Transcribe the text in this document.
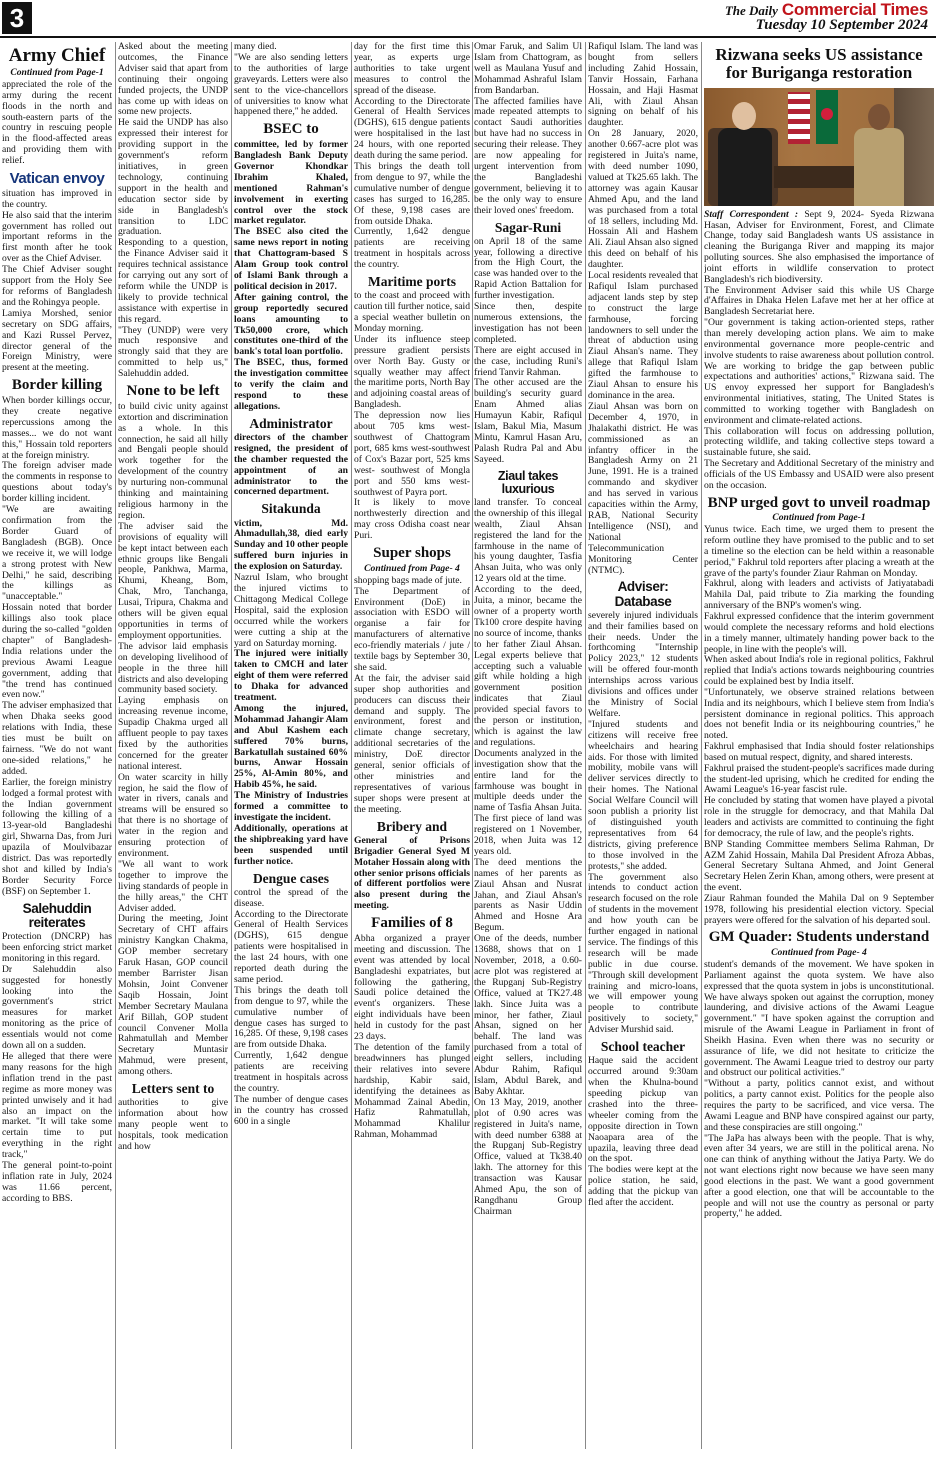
3	The Daily Commercial Times
Tuesday 10 September 2024
Army Chief
Continued from Page-1

appreciated the role of the army during the recent floods in the north and south-eastern parts of the country in rescuing people in the flood-affected areas and providing them with relief.

Vatican envoy

situation has improved in the country.

He also said that the interim government has rolled out important reforms in the first month after he took over as the Chief Adviser.

The Chief Adviser sought support from the Holy See for reforms of Bangladesh and the Rohingya people.

Lamiya Morshed, senior secretary on SDG affairs, and Kazi Russel Pervez, director general of the Foreign Ministry, were present at the meeting.

Border killing

When border killings occur, they create negative repercussions among the masses... we do not want this," Hossain told reporters at the foreign ministry.

The foreign adviser made the comments in response to questions about today's border killing incident.

"We are awaiting confirmation from the Border Guard of Bangladesh (BGB). Once we receive it, we will lodge a strong protest with New Delhi," he said, describing the killings as "unacceptable."

Hossain noted that border killings also took place during the so-called "golden chapter" of Bangladesh-India relations under the previous Awami League government, adding that "the trend has continued even now."

The adviser emphasized that when Dhaka seeks good relations with India, these ties must be built on fairness. "We do not want one-sided relations," he added.

Earlier, the foreign ministry lodged a formal protest with the Indian government following the killing of a 13-year-old Bangladeshi girl, Shwarna Das, from Juri upazila of Moulvibazar district. Das was reportedly shot and killed by India's Border Security Force (BSF) on September 1.

Salehuddin reiterates

Protection (DNCRP) has been enforcing strict market monitoring in this regard.

Dr Salehuddin also suggested for honestly looking into the government's strict measures for market monitoring as the price of essentials would not come down all on a sudden.

He alleged that there were many reasons for the high inflation trend in the past regime as more money was printed unwisely and it had also an impact on the market. "It will take some certain time to put everything in the right track,"

The general point-to-point inflation rate in July, 2024 was 11.66 percent, according to BBS.

Asked about the meeting outcomes, the Finance Adviser said that apart from continuing their ongoing funded projects, the UNDP has come up with ideas on some new projects.

He said the UNDP has also expressed their interest for providing support in the government's reform initiatives, in green technology, continuing support in the health and education sector side by side in Bangladesh's transition to LDC graduation.

Responding to a question, the Finance Adviser said it requires technical assistance for carrying out any sort of reform while the UNDP is likely to provide technical assistance with expertise in this regard.

"They (UNDP) were very much responsive and strongly said that they are committed to help us," Salehuddin added.

None to be left

to build civic unity against extortion and discrimination as a whole. In this connection, he said all hilly and Bengali people should work together for the development of the country by nurturing non-communal thinking and maintaining religious harmony in the region.

The adviser said the provisions of equality will be kept intact between each ethnic groups like Bengali people, Pankhwa, Marma, Khumi, Kheang, Bom, Chak, Mro, Tanchanga, Lusai, Tripura, Chakma and others will be given equal opportunities in terms of employment opportunities.

The advisor laid emphasis on developing livelihood of people in the three hill districts and also developing community based society.

Laying emphasis on increasing revenue income, Supadip Chakma urged all affluent people to pay taxes fixed by the authorities concerned for the greater national interest.

On water scarcity in hilly region, he said the flow of water in rivers, canals and streams will be ensured so that there is no shortage of water in the region and ensuring protection of environment.

"We all want to work together to improve the living standards of people in the hilly areas," the CHT Adviser added.

During the meeting, Joint Secretary of CHT affairs ministry Kangkan Chakma, GOP member secretary Faruk Hasan, GOP council member Barrister Jisan Mohsin, Joint Convener Saqib Hossain, Joint Member Secretary Maulana Arif Billah, GOP student council Convener Molla Rahmatullah and Member Secretary Muntasir Mahmud, were present, among others.

Letters sent to

authorities to give information about how many people went to hospitals, took medication and how

many died.

"We are also sending letters to the authorities of large graveyards. Letters were also sent to the vice-chancellors of universities to know what happened there," he added.

BSEC to

committee, led by former Bangladesh Bank Deputy Governor Khondkar Ibrahim Khaled, mentioned Rahman's involvement in exerting control over the stock market regulator.

The BSEC also cited the same news report in noting that Chattogram-based S Alam Group took control of Islami Bank through a political decision in 2017.

After gaining control, the group reportedly secured loans amounting to Tk50,000 crore, which constitutes one-third of the bank's total loan portfolio.

The BSEC, thus, formed the investigation committee to verify the claim and respond to these allegations.

Administrator

directors of the chamber resigned, the president of the chamber requested the appointment of an administrator to the concerned department.

Sitakunda

victim, Md. Ahmadullah,38, died early Sunday and 10 other people suffered burn injuries in the explosion on Saturday.

Nazrul Islam, who brought the injured victims to Chittagong Medical College Hospital, said the explosion occurred while the workers were cutting a ship at the yard on Saturday morning.

The injured were initially taken to CMCH and later eight of them were referred to Dhaka for advanced treatment.

Among the injured, Mohammad Jahangir Alam and Abul Kashem each suffered 70% burns, Barkatullah sustained 60% burns, Anwar Hossain 25%, Al-Amin 80%, and Habib 45%, he said.

The Ministry of Industries formed a committee to investigate the incident.

Additionally, operations at the shipbreaking yard have been suspended until further notice.

Dengue cases

control the spread of the disease.

According to the Directorate General of Health Services (DGHS), 615 dengue patients were hospitalised in the last 24 hours, with one reported death during the same period.

This brings the death toll from dengue to 97, while the cumulative number of dengue cases has surged to 16,285. Of these, 9,198 cases are from outside Dhaka.

Currently, 1,642 dengue patients are receiving treatment in hospitals across the country.

The number of dengue cases in the country has crossed 600 in a single

day for the first time this year, as experts urge authorities to take urgent measures to control the spread of the disease.

According to the Directorate General of Health Services (DGHS), 615 dengue patients were hospitalised in the last 24 hours, with one reported death during the same period.

This brings the death toll from dengue to 97, while the cumulative number of dengue cases has surged to 16,285. Of these, 9,198 cases are from outside Dhaka.

Currently, 1,642 dengue patients are receiving treatment in hospitals across the country.

Maritime ports

to the coast and proceed with caution till further notice, said a special weather bulletin on Monday morning.

Under its influence steep pressure gradient persists over North Bay. Gusty or squally weather may affect the maritime ports, North Bay and adjoining coastal areas of Bangladesh.

The depression now lies about 705 kms west-southwest of Chattogram port, 685 kms west-southwest of Cox's Bazar port, 525 kms west- southwest of Mongla port and 550 kms west-southwest of Payra port.

It is likely to move northwesterly direction and may cross Odisha coast near Puri.

Super shops
Continued from Page- 4

shopping bags made of jute.

The Department of Environment (DoE) in association with ESDO will organise a fair for manufacturers of alternative eco-friendly materials / jute / textile bags by September 30, she said.

At the fair, the adviser said super shop authorities and producers can discuss their demand and supply. The environment, forest and climate change secretary, additional secretaries of the ministry, DoE director general, senior officials of other ministries and representatives of various super shops were present at the meeting.

Bribery and

General of Prisons Brigadier General Syed M Motaher Hossain along with other senior prisons officials of different portfolios were also present during the meeting.

Families of 8

Abha organized a prayer meeting and discussion. The event was attended by local Bangladeshi expatriates, but following the gathering, Saudi police detained the event's organizers. These eight individuals have been held in custody for the past 23 days.

The detention of the family breadwinners has plunged their relatives into severe hardship, Kabir said, identifying the detainees as Mohammad Zainal Abedin, Hafiz Rahmatullah, Mohammad Khalilur Rahman, Mohammad

Omar Faruk, and Salim Ul Islam from Chattogram, as well as Maulana Yusuf and Mohammad Ashraful Islam from Bandarban.

The affected families have made repeated attempts to contact Saudi authorities but have had no success in securing their release. They are now appealing for urgent intervention from the Bangladeshi government, believing it to be the only way to ensure their loved ones' freedom.

Sagar-Runi

on April 18 of the same year, following a directive from the High Court, the case was handed over to the Rapid Action Battalion for further investigation.

Since then, despite numerous extensions, the investigation has not been completed.

There are eight accused in the case, including Runi's friend Tanvir Rahman.

The other accused are the building's security guard Enam Ahmed alias Humayun Kabir, Rafiqul Islam, Bakul Mia, Masum Mintu, Kamrul Hasan Aru, Palash Rudra Pal and Abu Sayeed.

Ziaul takes luxurious

land transfer. To conceal the ownership of this illegal wealth, Ziaul Ahsan registered the land for the farmhouse in the name of his young daughter, Tasfia Ahsan Juita, who was only 12 years old at the time.

According to the deed, Juita, a minor, became the owner of a property worth Tk100 crore despite having no source of income, thanks to her father Ziaul Ahsan. Legal experts believe that accepting such a valuable gift while holding a high government position indicates that Ziaul provided special favors to the person or institution, which is against the law and regulations.

Documents analyzed in the investigation show that the entire land for the farmhouse was bought in multiple deeds under the name of Tasfia Ahsan Juita. The first piece of land was registered on 1 November, 2018, when Juita was 12 years old.

The deed mentions the names of her parents as Ziaul Ahsan and Nusrat Jahan, and Ziaul Ahsan's parents as Nasir Uddin Ahmed and Hosne Ara Begum.

One of the deeds, number 13688, shows that on 1 November, 2018, a 0.60-acre plot was registered at the Rupganj Sub-Registry Office, valued at TK27.48 lakh. Since Juita was a minor, her father, Ziaul Ahsan, signed on her behalf. The land was purchased from a total of eight sellers, including Abdur Rahim, Rafiqul Islam, Abdul Barek, and Baby Akhtar.

On 13 May, 2019, another plot of 0.90 acres was registered in Juita's name, with deed number 6388 at the Rupganj Sub-Registry Office, valued at Tk38.40 lakh. The attorney for this transaction was Kausar Ahmed Apu, the son of Rangdhanu Group Chairman

Rafiqul Islam. The land was bought from sellers including Zahid Hossain, Tanvir Hossain, Farhana Hossain, and Haji Hasmat Ali, with Ziaul Ahsan signing on behalf of his daughter.

On 28 January, 2020, another 0.667-acre plot was registered in Juita's name, with deed number 1090, valued at Tk25.65 lakh. The attorney was again Kausar Ahmed Apu, and the land was purchased from a total of 18 sellers, including Md. Hossain Ali and Hashem Ali. Ziaul Ahsan also signed this deed on behalf of his daughter.

Local residents revealed that Rafiqul Islam purchased adjacent lands step by step to construct the large farmhouse, forcing landowners to sell under the threat of abduction using Ziaul Ahsan's name. They allege that Rafiqul Islam gifted the farmhouse to Ziaul Ahsan to ensure his dominance in the area.

Ziaul Ahsan was born on December 4, 1970, in Jhalakathi district. He was commissioned as an infantry officer in the Bangladesh Army on 21 June, 1991. He is a trained commando and skydiver and has served in various capacities within the Army, RAB, National Security Intelligence (NSI), and National Telecommunication Monitoring Center (NTMC).

Adviser: Database

severely injured individuals and their families based on their needs. Under the forthcoming "Internship Policy 2023," 12 students will be offered four-month internships across various divisions and offices under the Ministry of Social Welfare.

"Injured students and citizens will receive free wheelchairs and hearing aids. For those with limited mobility, mobile vans will deliver services directly to their homes. The National Social Welfare Council will soon publish a priority list of distinguished youth representatives from 64 districts, giving preference to those involved in the protests," she added.

The government also intends to conduct action research focused on the role of students in the movement and how youth can be further engaged in national service. The findings of this research will be made public in due course. "Through skill development training and micro-loans, we will empower young people to contribute positively to society," Adviser Murshid said.

School teacher

Haque said the accident occurred around 9:30am when the Khulna-bound speeding pickup van crashed into the three-wheeler coming from the opposite direction in Town Naoapara area of the upazila, leaving three dead on the spot.

The bodies were kept at the police station, he said, adding that the pickup van fled after the accident.

Rizwana seeks US assistance for Buriganga restoration

Staff Correspondent : Sept 9, 2024- Syeda Rizwana Hasan, Adviser for Environment, Forest, and Climate Change, today said Bangladesh wants US assistance in cleaning the Buriganga River and mapping its major polluting sources. She also emphasised the importance of joint efforts in wildlife conservation to protect Bangladesh's rich biodiversity.

The Environment Adviser said this while US Charge d'Affaires in Dhaka Helen Lafave met her at her office at Bangladesh Secretariat here.

"Our government is taking action-oriented steps, rather than merely developing action plans. We aim to make environmental governance more people-centric and involve students to raise awareness about pollution control. We are working to bridge the gap between public expectations and authorities' actions," Rizwana said. The US envoy expressed her support for Bangladesh's environmental initiatives, stating, The United States is committed to working together with Bangladesh on environment and climate-related actions.

This collaboration will focus on addressing pollution, protecting wildlife, and taking collective steps toward a sustainable future, she said.

The Secretary and Additional Secretary of the ministry and officials of the US Embassy and USAID were also present on the occasion.

BNP urged govt to unveil roadmap
Continued from Page-1

Yunus twice. Each time, we urged them to present the reform outline they have promised to the public and to set a timeline so the election can be held within a reasonable period," Fakhrul told reporters after placing a wreath at the grave of the party's founder Ziaur Rahman on Monday.

Fakhrul, along with leaders and activists of Jatiyatabadi Mahila Dal, paid tribute to Zia marking the founding anniversary of the BNP's women's wing.

Fakhrul expressed confidence that the interim government would complete the necessary reforms and hold elections in a timely manner, ultimately handing power back to the people, in line with the people's will.

When asked about India's role in regional politics, Fakhrul replied that India's actions towards neighbouring countries could be explained best by India itself.

"Unfortunately, we observe strained relations between India and its neighbours, which I believe stem from India's persistent dominance in regional politics. This approach does not benefit India or its neighbouring countries," he noted.

Fakhrul emphasised that India should foster relationships based on mutual respect, dignity, and shared interests.

Fakhrul praised the student-people's sacrifices made during the student-led uprising, which he credited for ending the Awami League's 16-year fascist rule.

He concluded by stating that women have played a pivotal role in the struggle for democracy, and that Mahila Dal leaders and activists are committed to continuing the fight for democracy, the rule of law, and the people's rights.

BNP Standing Committee members Selima Rahman, Dr AZM Zahid Hossain, Mahila Dal President Afroza Abbas, General Secretary Sultana Ahmed, and Joint General Secretary Helen Zerin Khan, among others, were present at the event.

Ziaur Rahman founded the Mahila Dal on 9 September 1978, following his presidential election victory. Special prayers were offered for the salvation of his departed soul.

GM Quader: Students understand
Continued from Page- 4

student's demands of the movement. We have spoken in Parliament against the quota system. We have also expressed that the quota system in jobs is unconstitutional. We have always spoken out against the corruption, money laundering, and divisive actions of the Awami League government." "I have spoken against the corruption and misrule of the Awami League in Parliament in front of Sheikh Hasina. Even when there was no security or assurance of life, we did not hesitate to criticize the government. The Awami League tried to destroy our party and obstruct our political activities."

"Without a party, politics cannot exist, and without politics, a party cannot exist. Politics for the people also requires the party to be sacrificed, and vice versa. The Awami League and BNP have conspired against our party, and these conspiracies are still ongoing."

"The JaPa has always been with the people. That is why, even after 34 years, we are still in the political arena. No one can think of anything without the Jatiya Party. We do not want elections right now because we have seen many good elections in the past. We want a good government after a good election, one that will be accountable to the people and will not use the country as personal or party property," he added.
